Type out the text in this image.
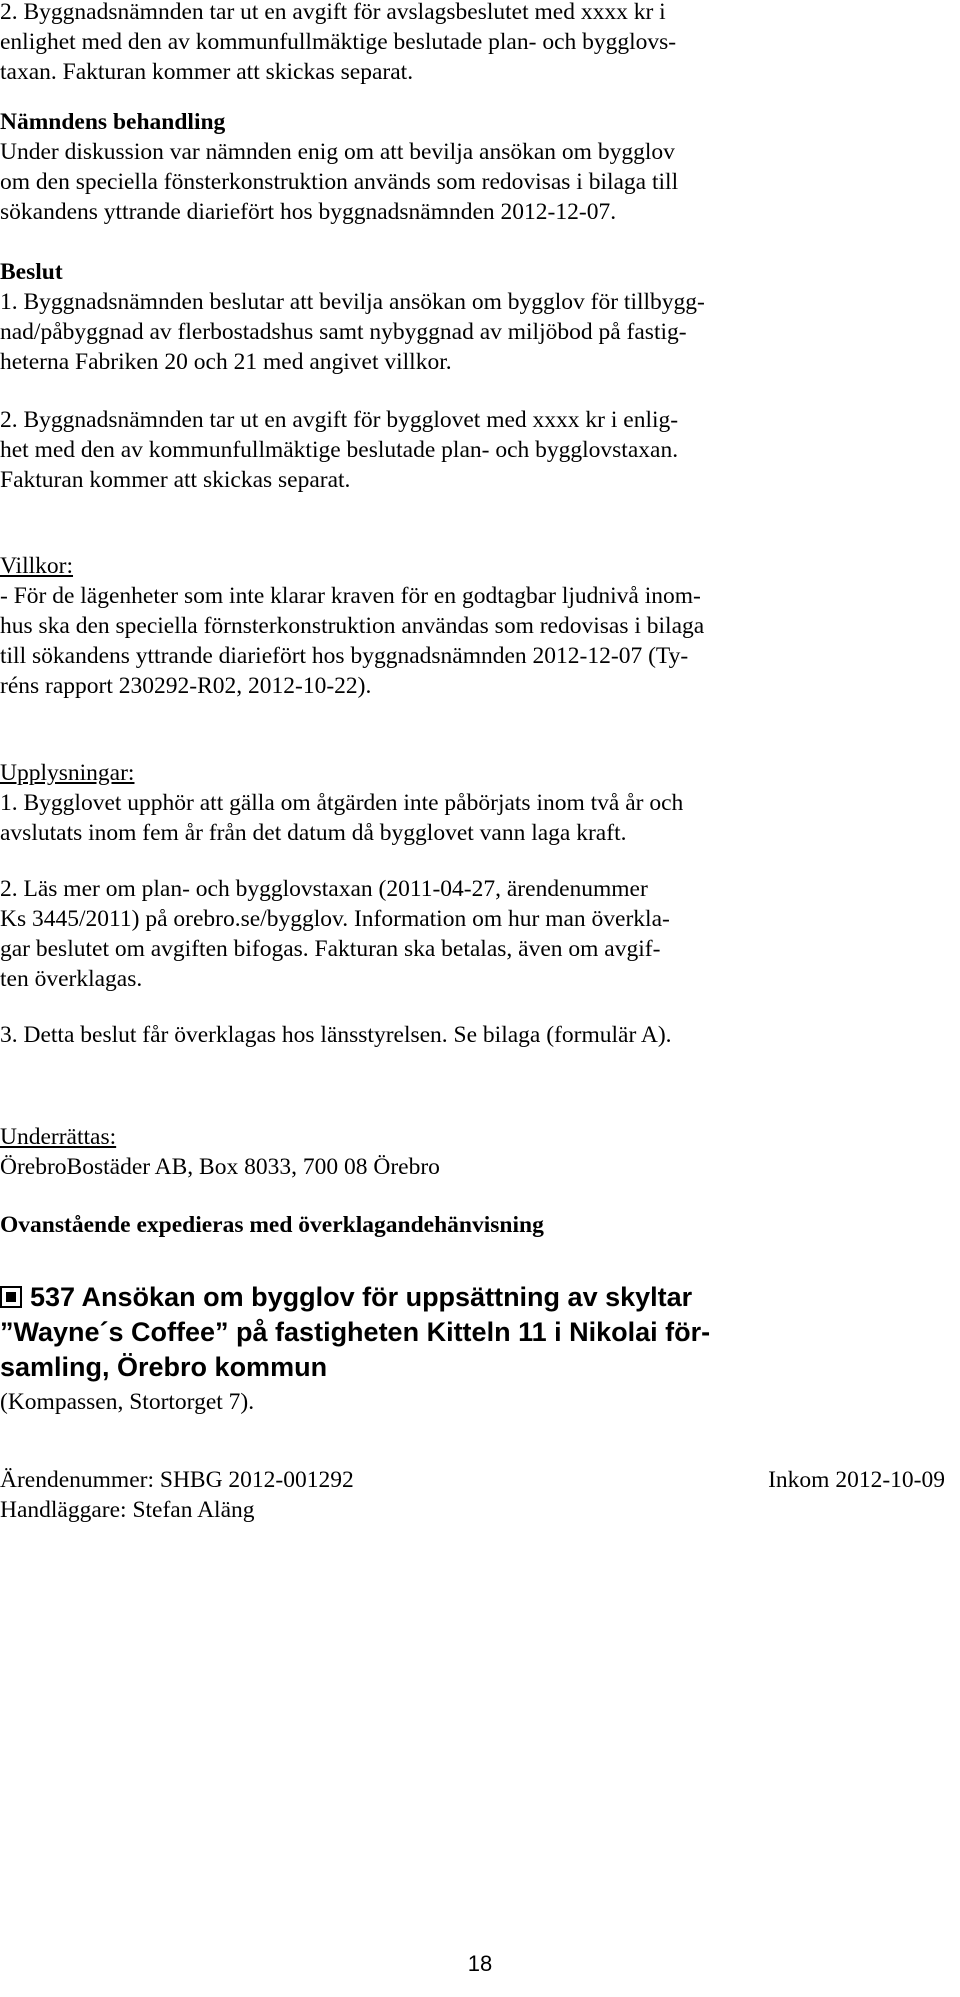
2. Byggnadsnämnden tar ut en avgift för avslagsbeslutet med xxxx kr i
enlighet med den av kommunfullmäktige beslutade plan- och bygglovs-
taxan. Fakturan kommer att skickas separat.
Nämndens behandling
Under diskussion var nämnden enig om att bevilja ansökan om bygglov
om den speciella fönsterkonstruktion används som redovisas i bilaga till
sökandens yttrande diariefört hos byggnadsnämnden 2012-12-07.
Beslut
1. Byggnadsnämnden beslutar att bevilja ansökan om bygglov för tillbygg-
nad/påbyggnad av flerbostadshus samt nybyggnad av miljöbod på fastig-
heterna Fabriken 20 och 21 med angivet villkor.
2. Byggnadsnämnden tar ut en avgift för bygglovet med xxxx kr i enlig-
het med den av kommunfullmäktige beslutade plan- och bygglovstaxan.
Fakturan kommer att skickas separat.
Villkor:
- För de lägenheter som inte klarar kraven för en godtagbar ljudnivå inom-
hus ska den speciella förnsterkonstruktion användas som redovisas i bilaga
till sökandens yttrande diariefört hos byggnadsnämnden 2012-12-07 (Ty-
réns rapport 230292-R02, 2012-10-22).
Upplysningar:
1. Bygglovet upphör att gälla om åtgärden inte påbörjats inom två år och
avslutats inom fem år från det datum då bygglovet vann laga kraft.
2. Läs mer om plan- och bygglovstaxan (2011-04-27, ärendenummer
Ks 3445/2011) på orebro.se/bygglov. Information om hur man överkla-
gar beslutet om avgiften bifogas. Fakturan ska betalas, även om avgif-
ten överklagas.
3. Detta beslut får överklagas hos länsstyrelsen. Se bilaga (formulär A).
Underrättas:
ÖrebroBostäder AB, Box 8033, 700 08 Örebro
Ovanstående expedieras med överklagandehänvisning
537 Ansökan om bygglov för uppsättning av skyltar
”Wayne´s Coffee” på fastigheten Kitteln 11 i Nikolai för-
samling, Örebro kommun
(Kompassen, Stortorget 7).
Ärendenummer: SHBG 2012-001292	Inkom 2012-10-09
Handläggare: Stefan Aläng
18
